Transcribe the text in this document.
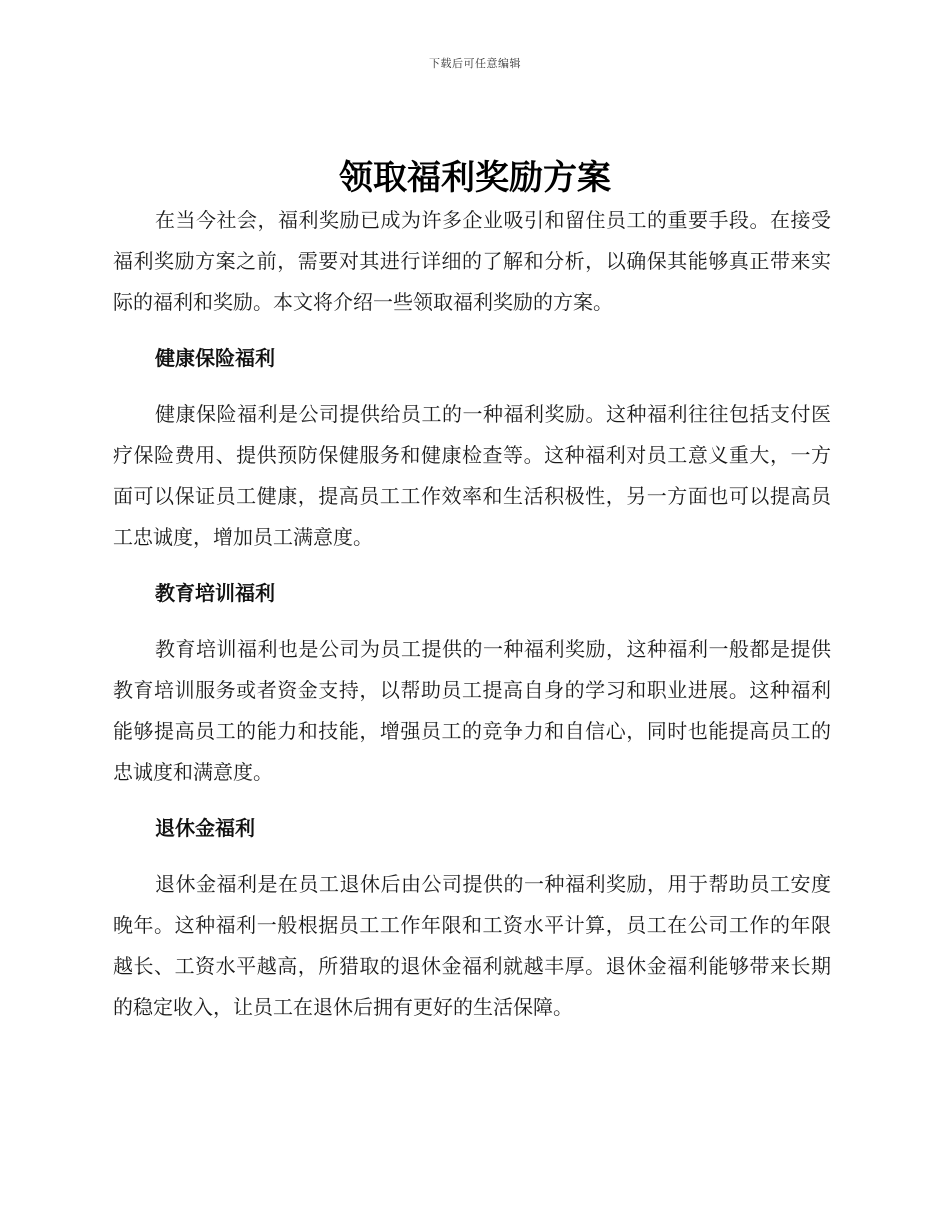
下载后可任意编辑
领取福利奖励方案

在当今社会，福利奖励已成为许多企业吸引和留住员工的重要手段。在接受福利奖励方案之前，需要对其进行详细的了解和分析，以确保其能够真正带来实际的福利和奖励。本文将介绍一些领取福利奖励的方案。

健康保险福利

健康保险福利是公司提供给员工的一种福利奖励。这种福利往往包括支付医疗保险费用、提供预防保健服务和健康检查等。这种福利对员工意义重大，一方面可以保证员工健康，提高员工工作效率和生活积极性，另一方面也可以提高员工忠诚度，增加员工满意度。

教育培训福利

教育培训福利也是公司为员工提供的一种福利奖励，这种福利一般都是提供教育培训服务或者资金支持，以帮助员工提高自身的学习和职业进展。这种福利能够提高员工的能力和技能，增强员工的竞争力和自信心，同时也能提高员工的忠诚度和满意度。

退休金福利

退休金福利是在员工退休后由公司提供的一种福利奖励，用于帮助员工安度晚年。这种福利一般根据员工工作年限和工资水平计算，员工在公司工作的年限越长、工资水平越高，所猎取的退休金福利就越丰厚。退休金福利能够带来长期的稳定收入，让员工在退休后拥有更好的生活保障。
